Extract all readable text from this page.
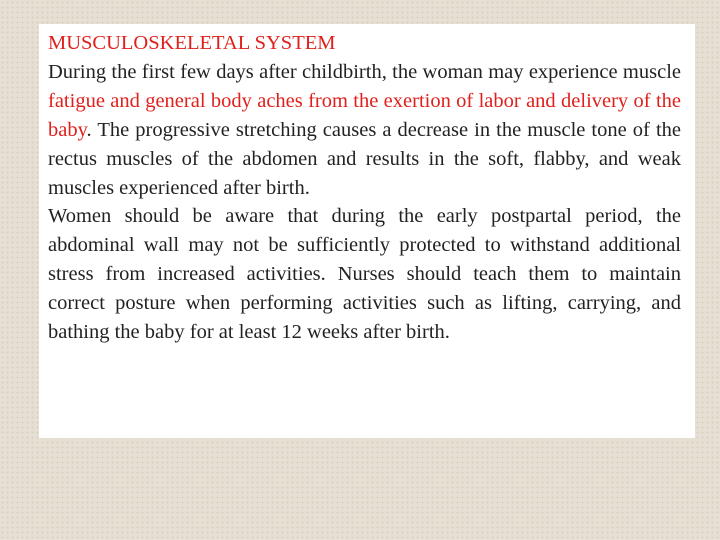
MUSCULOSKELETAL SYSTEM

During the first few days after childbirth, the woman may experience muscle fatigue and general body aches from the exertion of labor and delivery of the baby. The progressive stretching causes a decrease in the muscle tone of the rectus muscles of the abdomen and results in the soft, flabby, and weak muscles experienced after birth.

Women should be aware that during the early postpartal period, the abdominal wall may not be sufficiently protected to withstand additional stress from increased activities. Nurses should teach them to maintain correct posture when performing activities such as lifting, carrying, and bathing the baby for at least 12 weeks after birth.
